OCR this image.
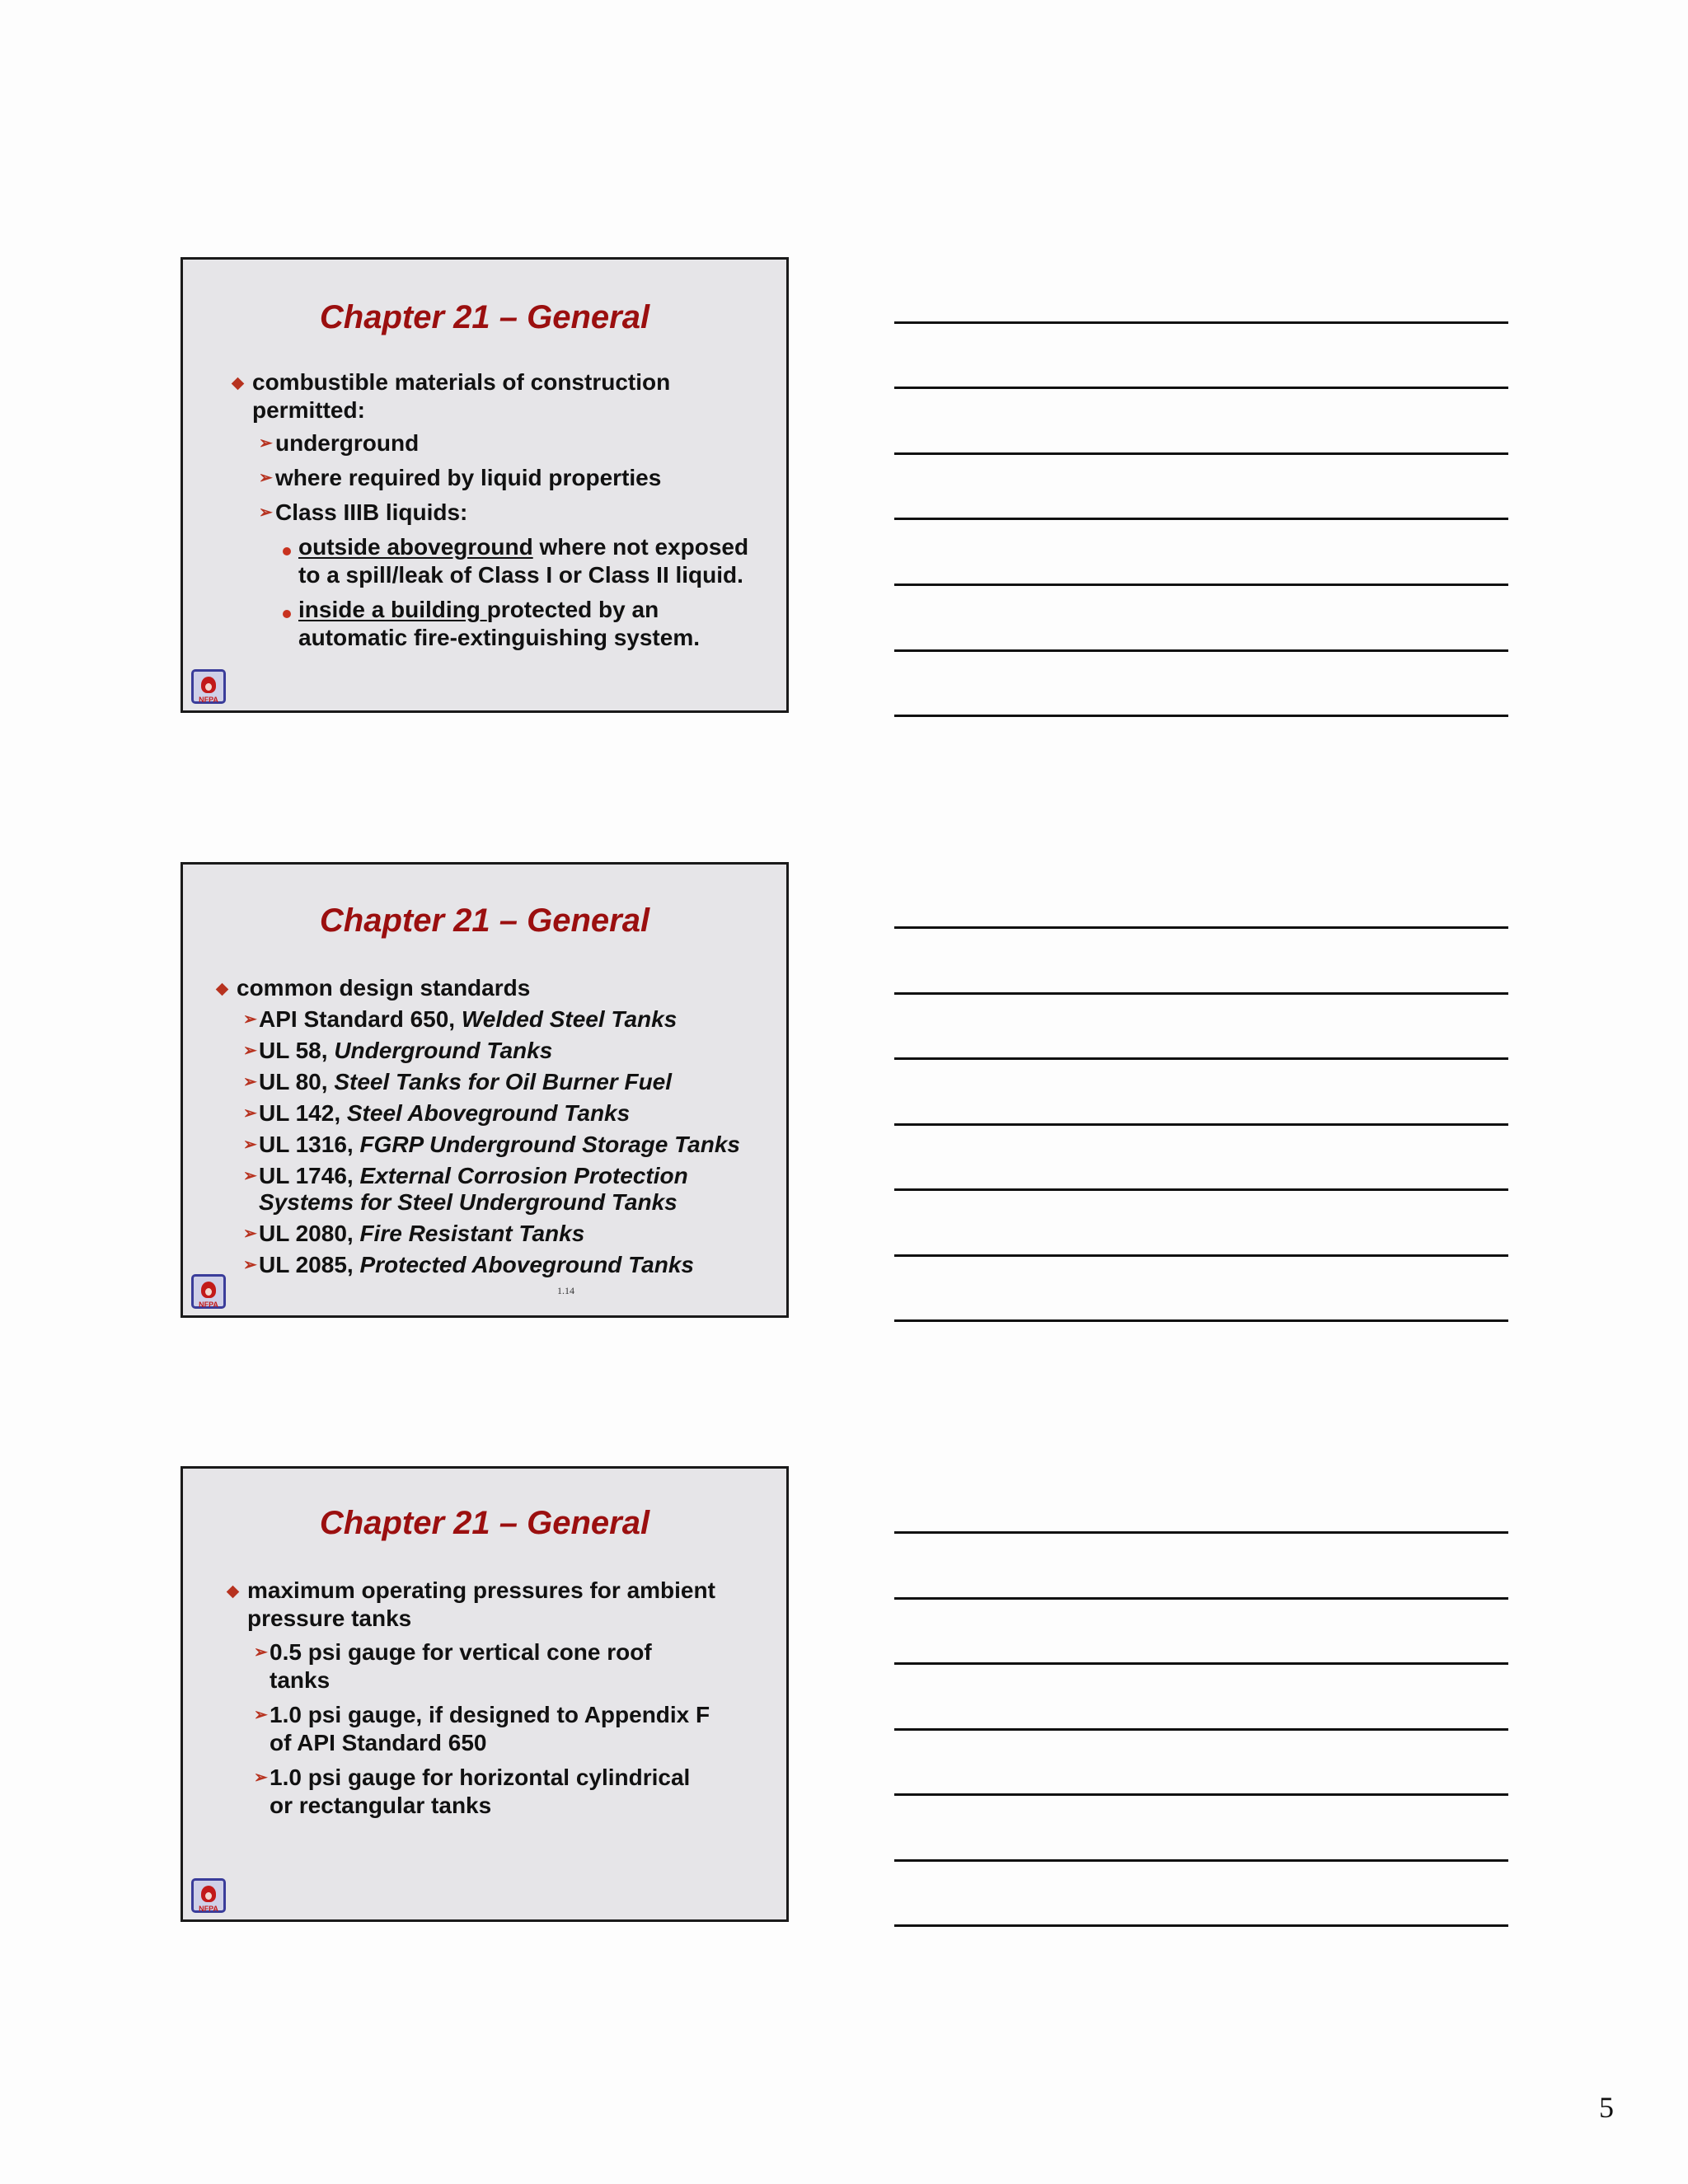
Chapter 21 – General

combustible materials of construction

permitted:

➢ underground

➢ where required by liquid properties

➢ Class IIIB liquids:

outside aboveground where not exposed

to a spill/leak of Class I or Class II liquid.

inside a building protected by an

automatic fire-extinguishing system.

NFPA
Chapter 21 – General

common design standards

➢ API Standard 650, Welded Steel Tanks

➢ UL 58, Underground Tanks

➢ UL 80, Steel Tanks for Oil Burner Fuel

➢ UL 142, Steel Aboveground Tanks

➢ UL 1316, FGRP Underground Storage Tanks

➢ UL 1746, External Corrosion Protection

Systems for Steel Underground Tanks

➢ UL 2080, Fire Resistant Tanks

➢ UL 2085, Protected Aboveground Tanks

1.14
NFPA
Chapter 21 – General

maximum operating pressures for ambient

pressure tanks

➢ 0.5 psi gauge for vertical cone roof

tanks

➢ 1.0 psi gauge, if designed to Appendix F

of API Standard 650

➢ 1.0 psi gauge for horizontal cylindrical

or rectangular tanks

NFPA
5
